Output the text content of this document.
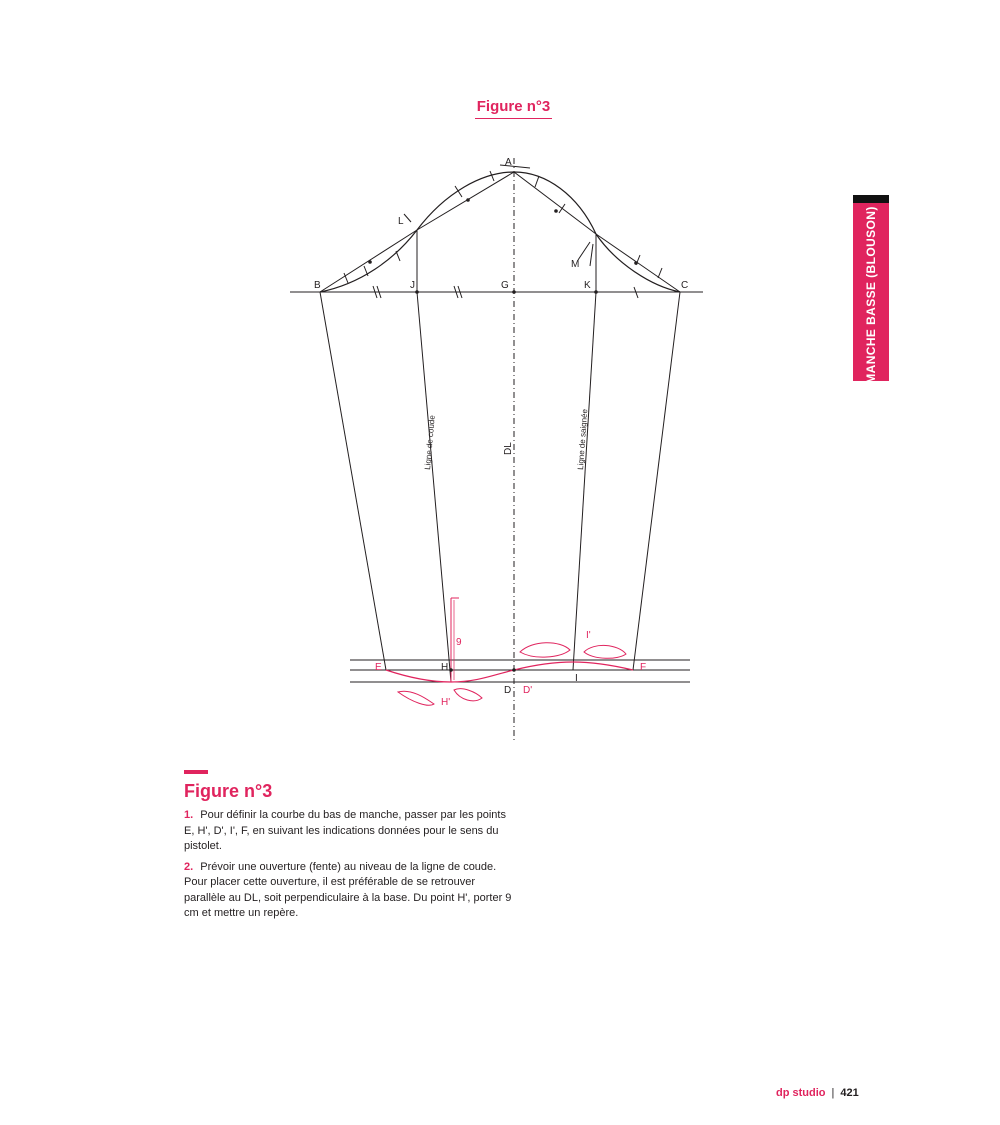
Figure n°3
MANCHE BASSE (BLOUSON)
A
L
M
B	J	G	K	C
E	H	F
D D'
I
I'
H'
9
Ligne de coude	Ligne de saignée
DL
Figure n°3

1. Pour définir la courbe du bas de manche, passer par les points E, H', D', I', F, en suivant les indications données pour le sens du pistolet.

2. Prévoir une ouverture (fente) au niveau de la ligne de coude. Pour placer cette ouverture, il est préférable de se retrouver parallèle au DL, soit perpendiculaire à la base. Du point H', porter 9 cm et mettre un repère.

dp studio | 421
